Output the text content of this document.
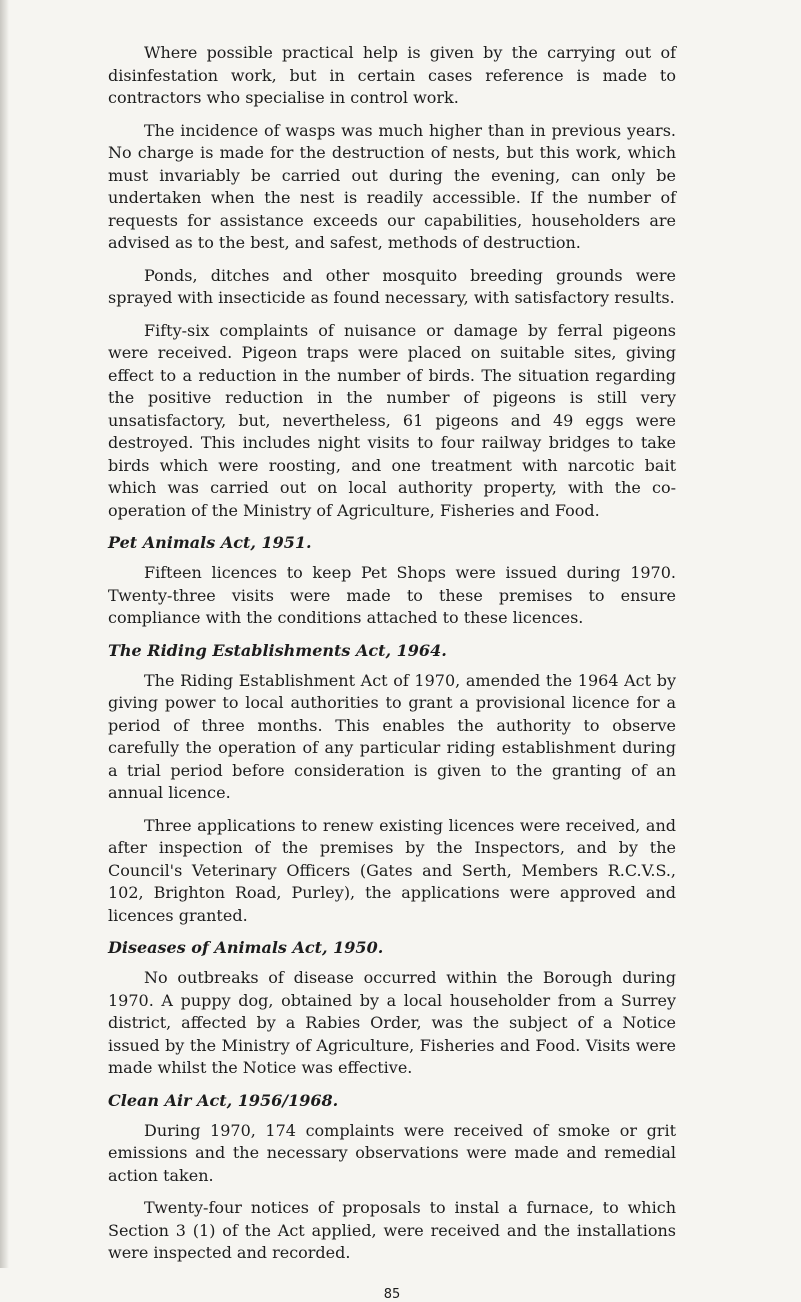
Where possible practical help is given by the carrying out of disinfestation work, but in certain cases reference is made to contractors who specialise in control work.

The incidence of wasps was much higher than in previous years. No charge is made for the destruction of nests, but this work, which must invariably be carried out during the evening, can only be undertaken when the nest is readily accessible. If the number of requests for assistance exceeds our capabilities, householders are advised as to the best, and safest, methods of destruction.

Ponds, ditches and other mosquito breeding grounds were sprayed with insecticide as found necessary, with satisfactory results.

Fifty-six complaints of nuisance or damage by ferral pigeons were received. Pigeon traps were placed on suitable sites, giving effect to a reduction in the number of birds. The situation regarding the positive reduction in the number of pigeons is still very unsatisfactory, but, nevertheless, 61 pigeons and 49 eggs were destroyed. This includes night visits to four railway bridges to take birds which were roosting, and one treatment with narcotic bait which was carried out on local authority property, with the co-operation of the Ministry of Agriculture, Fisheries and Food.

Pet Animals Act, 1951.

Fifteen licences to keep Pet Shops were issued during 1970. Twenty-three visits were made to these premises to ensure compliance with the conditions attached to these licences.

The Riding Establishments Act, 1964.

The Riding Establishment Act of 1970, amended the 1964 Act by giving power to local authorities to grant a provisional licence for a period of three months. This enables the authority to observe carefully the operation of any particular riding establishment during a trial period before consideration is given to the granting of an annual licence.

Three applications to renew existing licences were received, and after inspection of the premises by the Inspectors, and by the Council's Veterinary Officers (Gates and Serth, Members R.C.V.S., 102, Brighton Road, Purley), the applications were approved and licences granted.

Diseases of Animals Act, 1950.

No outbreaks of disease occurred within the Borough during 1970. A puppy dog, obtained by a local householder from a Surrey district, affected by a Rabies Order, was the subject of a Notice issued by the Ministry of Agriculture, Fisheries and Food. Visits were made whilst the Notice was effective.

Clean Air Act, 1956/1968.

During 1970, 174 complaints were received of smoke or grit emissions and the necessary observations were made and remedial action taken.

Twenty-four notices of proposals to instal a furnace, to which Section 3 (1) of the Act applied, were received and the installations were inspected and recorded.

85
